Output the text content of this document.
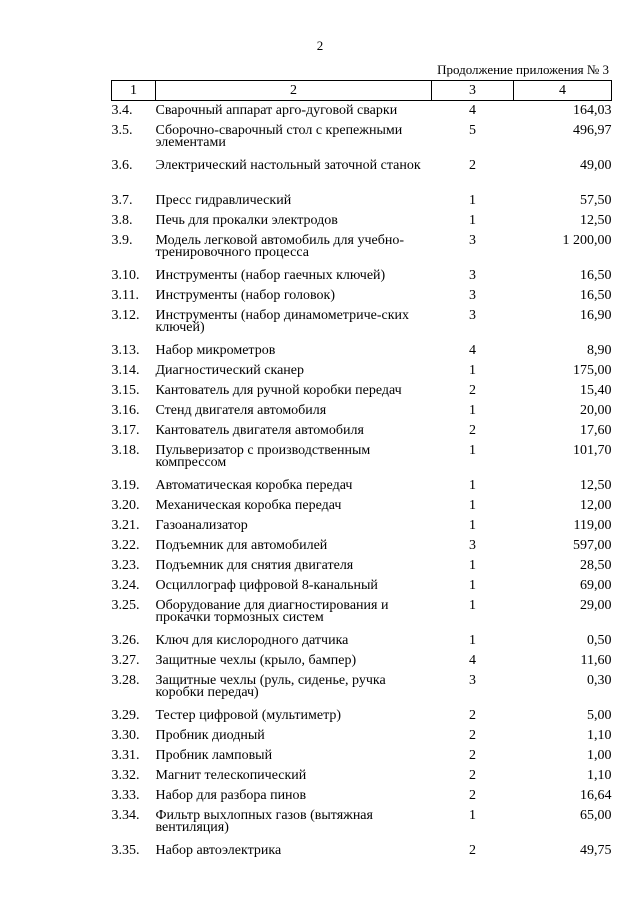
2
Продолжение приложения № 3
1	2	3	4
3.4.	Сварочный аппарат арго-дуговой сварки	4	164,03
3.5.	Сборочно-сварочный стол с крепежными элементами	5	496,97
3.6.	Электрический настольный заточной станок	2	49,00
3.7.	Пресс гидравлический	1	57,50
3.8.	Печь для прокалки электродов	1	12,50
3.9.	Модель легковой автомобиль для учебно-тренировочного процесса	3	1 200,00
3.10.	Инструменты (набор гаечных ключей)	3	16,50
3.11.	Инструменты (набор головок)	3	16,50
3.12.	Инструменты (набор динамометриче-ских ключей)	3	16,90
3.13.	Набор микрометров	4	8,90
3.14.	Диагностический сканер	1	175,00
3.15.	Кантователь для ручной коробки передач	2	15,40
3.16.	Стенд двигателя автомобиля	1	20,00
3.17.	Кантователь двигателя автомобиля	2	17,60
3.18.	Пульверизатор с производственным компрессом	1	101,70
3.19.	Автоматическая коробка передач	1	12,50
3.20.	Механическая коробка передач	1	12,00
3.21.	Газоанализатор	1	119,00
3.22.	Подъемник для автомобилей	3	597,00
3.23.	Подъемник для снятия двигателя	1	28,50
3.24.	Осциллограф цифровой 8-канальный	1	69,00
3.25.	Оборудование для диагностирования и прокачки тормозных систем	1	29,00
3.26.	Ключ для кислородного датчика	1	0,50
3.27.	Защитные чехлы (крыло, бампер)	4	11,60
3.28.	Защитные чехлы (руль, сиденье, ручка коробки передач)	3	0,30
3.29.	Тестер цифровой (мультиметр)	2	5,00
3.30.	Пробник диодный	2	1,10
3.31.	Пробник ламповый	2	1,00
3.32.	Магнит телескопический	2	1,10
3.33.	Набор для разбора пинов	2	16,64
3.34.	Фильтр выхлопных газов (вытяжная вентиляция)	1	65,00
3.35.	Набор автоэлектрика	2	49,75
